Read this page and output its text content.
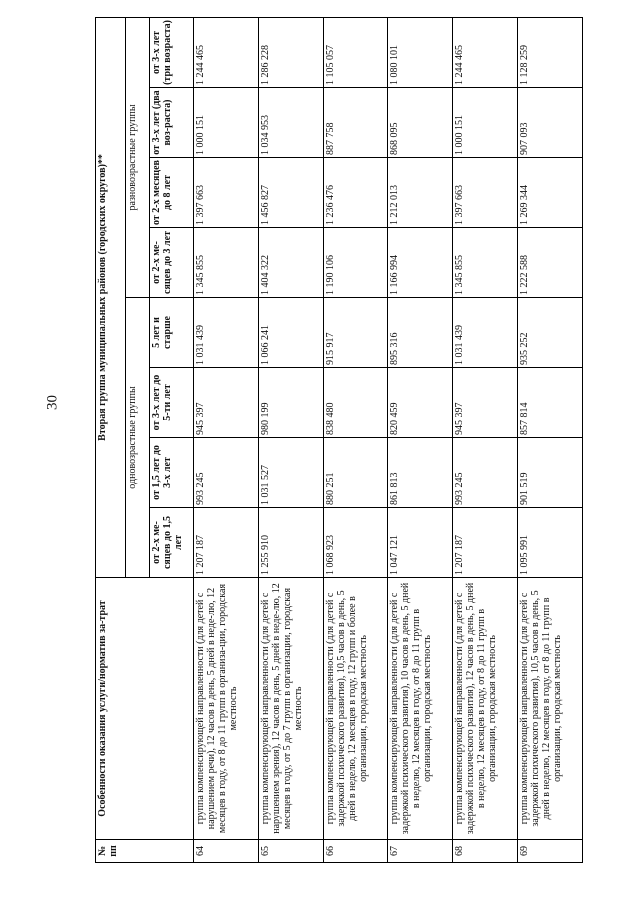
30
№ пп	Особенности оказания услуги/норматив за-трат	Вторая группа муниципальных районов (городских округов)**							
		одновозрастные группы				разновозрастные группы			
		от 2-х ме-сяцев до 1,5 лет	от 1,5 лет до 3-х лет	от 3-х лет до 5-ти лет	5 лет и старше	от 2-х ме-сяцев до 3 лет	от 2-х месяцев до 8 лет	от 3-х лет (два воз-раста)	от 3-х лет (три возраста)
64	группа компенсирующей направленности (для детей с нарушением речи), 12 часов в день, 5 дней в неде-лю, 12 месяцев в году, от 8 до 11 групп в организа-ции, городская местность	1 207 187	993 245	945 397	1 031 439	1 345 855	1 397 663	1 000 151	1 244 465
65	группа компенсирующей направленности (для детей с нарушением зрения), 12 часов в день, 5 дней в неде-лю, 12 месяцев в году, от 5 до 7 групп в организации, городская местность	1 255 910	1 031 527	980 199	1 066 241	1 404 322	1 456 827	1 034 953	1 286 228
66	группа компенсирующей направленности (для детей с задержкой психического развития), 10,5 часов в день, 5 дней в неделю, 12 месяцев в году, 12 групп и более в организации, городская местность	1 068 923	880 251	838 480	915 917	1 190 106	1 236 476	887 758	1 105 057
67	группа компенсирующей направленности (для детей с задержкой психического развития), 10 часов в день, 5 дней в неделю, 12 месяцев в году, от 8 до 11 групп в организации, городская местность	1 047 121	861 813	820 459	895 316	1 166 994	1 212 013	868 095	1 080 101
68	группа компенсирующей направленности (для детей с задержкой психического развития), 12 часов в день, 5 дней в неделю, 12 месяцев в году, от 8 до 11 групп в организации, городская местность	1 207 187	993 245	945 397	1 031 439	1 345 855	1 397 663	1 000 151	1 244 465
69	группа компенсирующей направленности (для детей с задержкой психического развития), 10,5 часов в день, 5 дней в неделю, 12 месяцев в году, от 8 до 11 групп в организации, городская местность	1 095 991	901 519	857 814	935 252	1 222 588	1 269 344	907 093	1 128 259
